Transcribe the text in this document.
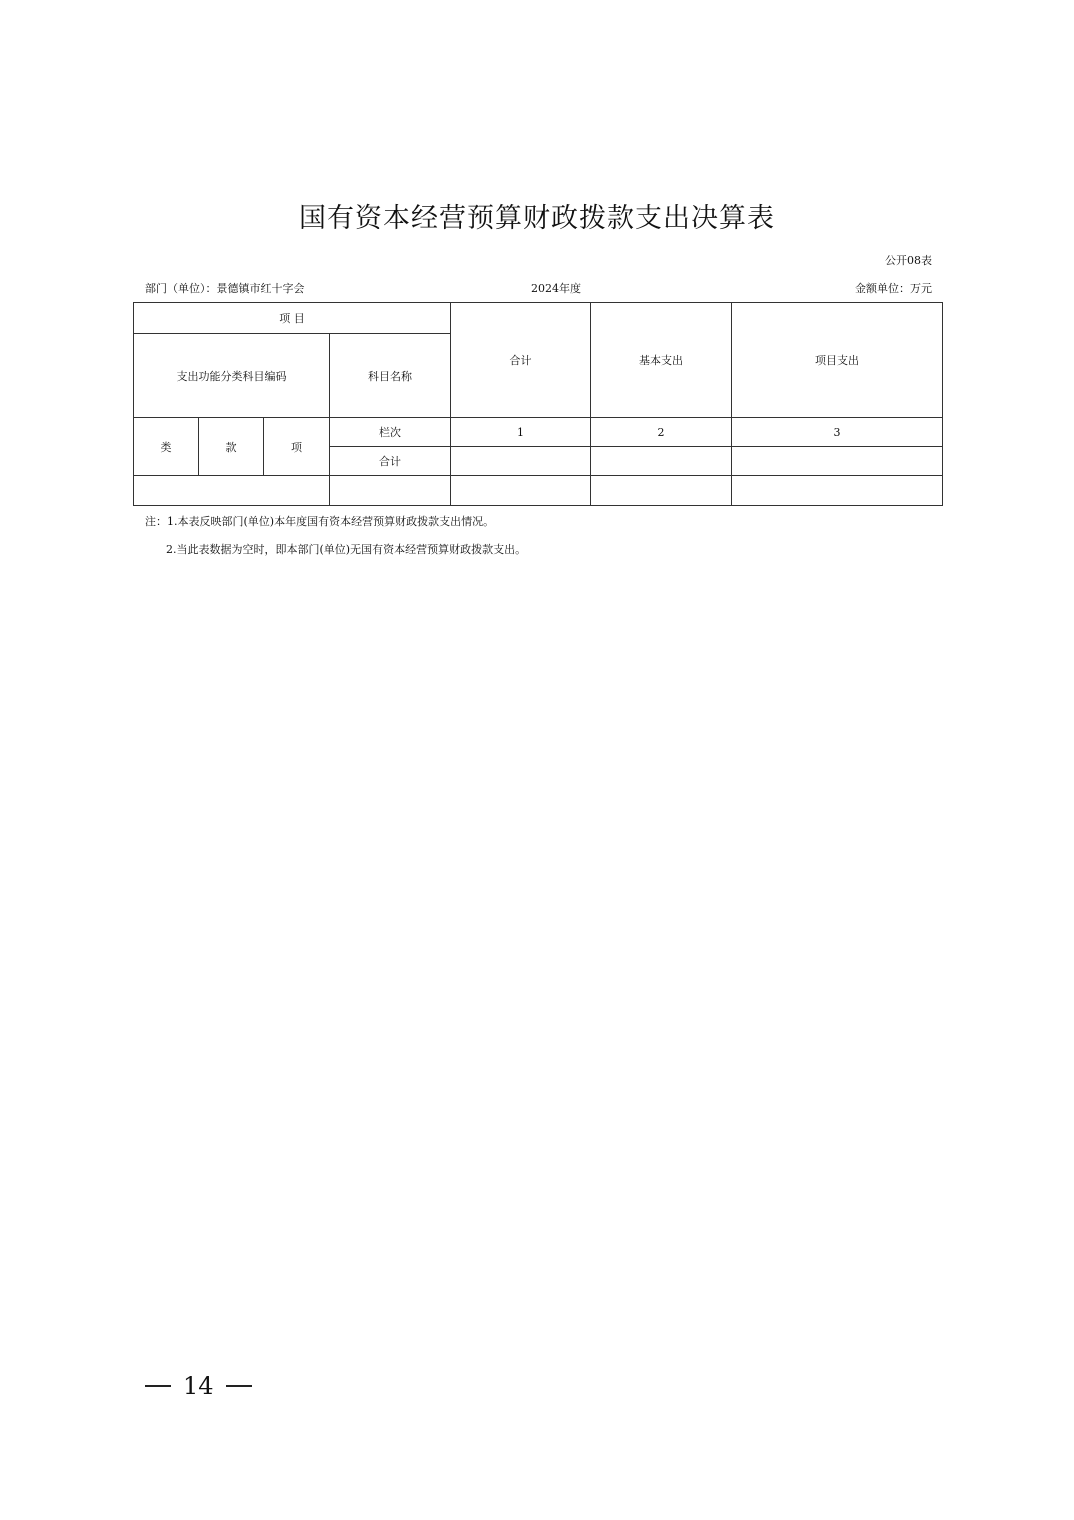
国有资本经营预算财政拨款支出决算表
公开08表
部门（单位）：景德镇市红十字会	2024年度	金额单位：万元
项 目				合计	基本支出	项目支出
支出功能分类科目编码			科目名称			
类	款	项	栏次	1	2	3
			合计			

注：1.本表反映部门(单位)本年度国有资本经营预算财政拨款支出情况。
2.当此表数据为空时，即本部门(单位)无国有资本经营预算财政拨款支出。
14
